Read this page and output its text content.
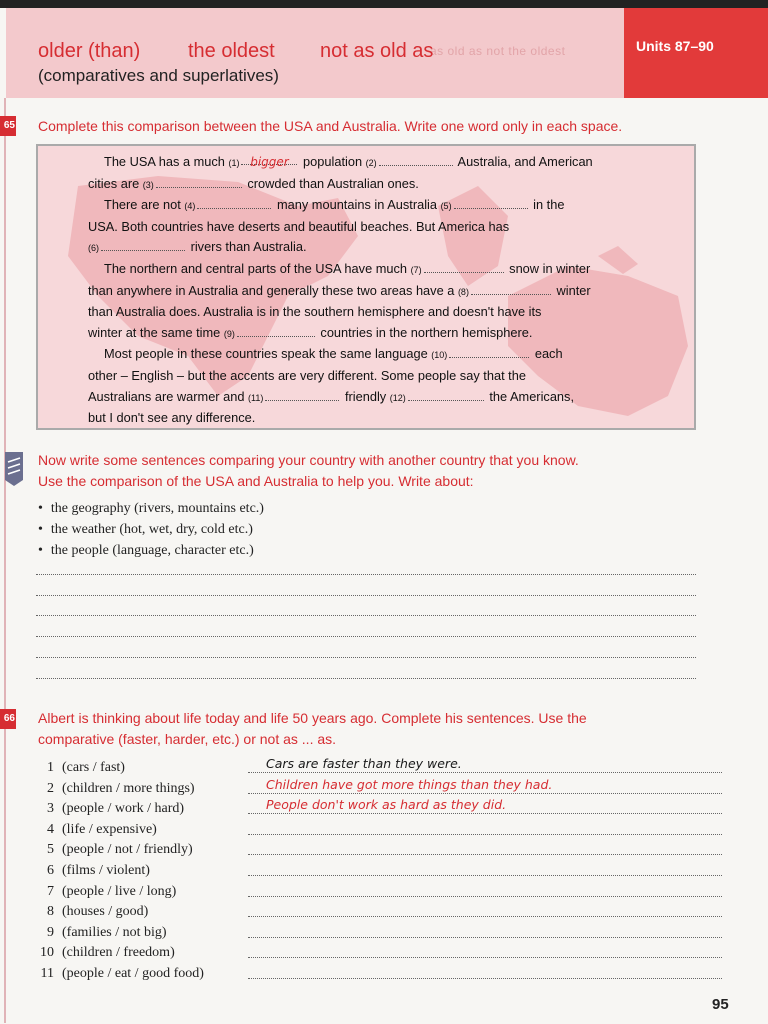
as old as not the oldest
older (than) the oldest not as old as
(comparatives and superlatives)
Units 87–90
65 Complete this comparison between the USA and Australia. Write one word only in each space.

The USA has a much (1) bigger population (2)	Australia, and American

cities are (3)	crowded than Australian ones.

There are not (4)	many mountains in Australia (5)	in the

USA. Both countries have deserts and beautiful beaches. But America has

(6)	rivers than Australia.

The northern and central parts of the USA have much (7)	snow in winter

than anywhere in Australia and generally these two areas have a (8)	winter

than Australia does. Australia is in the southern hemisphere and doesn't have its

winter at the same time (9)	countries in the northern hemisphere.

Most people in these countries speak the same language (10)	each

other – English – but the accents are very different. Some people say that the

Australians are warmer and (11)	friendly (12)	the Americans,

but I don't see any difference.

Now write some sentences comparing your country with another country that you know.
Use the comparison of the USA and Australia to help you. Write about:
• the geography (rivers, mountains etc.)
• the weather (hot, wet, dry, cold etc.)
• the people (language, character etc.)
66 Albert is thinking about life today and life 50 years ago. Complete his sentences. Use the
comparative (faster, harder, etc.) or not as ... as.
1 (cars / fast)	Cars are faster than they were.
2 (children / more things)	Children have got more things than they had.
3 (people / work / hard)	People don't work as hard as they did.
4 (life / expensive)
5 (people / not / friendly)
6 (films / violent)
7 (people / live / long)
8 (houses / good)
9 (families / not big)
10 (children / freedom)
11 (people / eat / good food)
95
